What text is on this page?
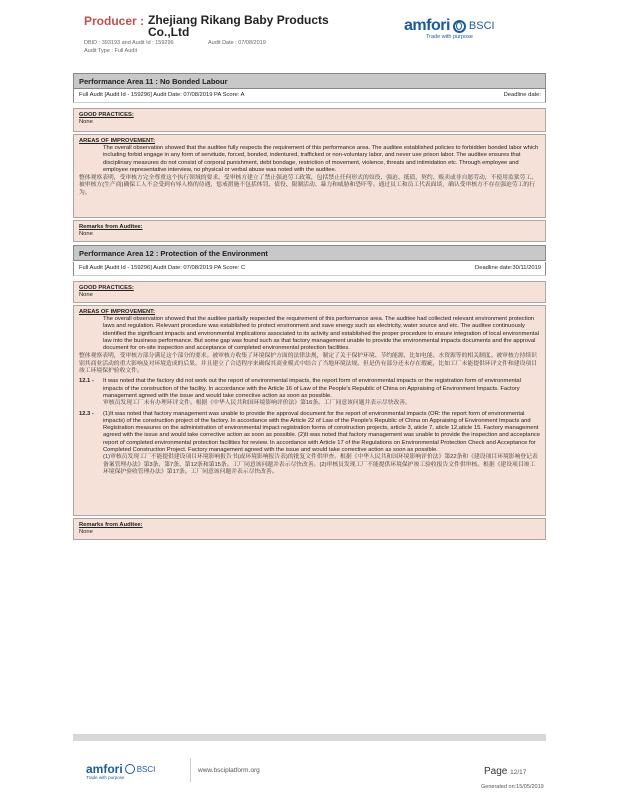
Producer : Zhejiang Rikang Baby Products Co.,Ltd
DBID : 393193 and Audit Id : 159296	Audit Date : 07/08/2019
Audit Type : Full Audit
amfori BSCI
Trade with purpose
Performance Area 11 : No Bonded Labour
Full Audit [Audit Id - 159296] Audit Date: 07/08/2019 PA Score: A	Deadline date:
GOOD PRACTICES:

None

AREAS OF IMPROVEMENT:

The overall observation showed that the auditee fully respects the requirement of this performance area. The auditee established policies to forbidden bonded labor which including forbid engage in any form of servitude, forced, bonded, indentured, trafficked or non-voluntary labor, and never use prison labor. The auditee ensures that disciplinary measures do not consist of corporal punishment, debt bondage, restriction of movement, violence, threats and intimidation etc. Through employee and employee representative interview, no physical or verbal abuse was noted with the auditee.

整体观察表明，受审核方完全尊重这个执行领域的要求。受审核方建立了禁止强迫劳工政策，包括禁止任何形式的奴役、强迫、抵债、契约、贩卖或非自愿劳动，不使用监狱劳工。被审核方(生产商)确保工人不会受到有辱人格的待遇，惩戒措施不包括体罚、债役、限制活动、暴力和威胁和恐吓等。通过员工和员工代表面谈，确认受审核方不存在强迫劳工的行为。

Remarks from Auditee:

None

Performance Area 12 : Protection of the Environment
Full Audit [Audit Id - 159296] Audit Date: 07/08/2019 PA Score: C	Deadline date:30/11/2019
GOOD PRACTICES:

None

AREAS OF IMPROVEMENT:

The overall observation showed that the auditee partially respected the requirement of this performance area. The auditee had collected relevant environment protection laws and regulation. Relevant procedure was established to protect environment and save energy such as electricity, water source and etc. The auditee continuously identified the significant impacts and environmental implications associated to its activity and established the proper procedure to ensure integration of local environmental law into the business performance. But some gap was found such as that factory management unable to provide the environmental impacts documents and the approval document for on-site inspection and acceptance of completed environmental protection facilities.

整体观察表明，受审核方部分满足这个部分的要求。被审核方收集了环境保护方面的法律法规，制定了关于保护环境、节约能源，比如电能、水资源等的相关制度。被审核方持续识别其商业活动的重大影响及对环境造成的后果，并且建立了合适程序来确保其商业模式中结合了当地环境法规。但是仍有部分还未存在瑕疵，比如工厂未能提供环评文件和建设项目竣工环境保护验收文件。

12.1 -	It was noted that the factory did not work out the report of environmental impacts, the report form of environmental impacts or the registration form of environmental impacts of the construction of the facility. In accordance with the Article 16 of Law of the People's Republic of China on Appraising of Environment Impacts. Factory management agreed with the issue and would take corrective action as soon as possible.
审核员发现工厂未有办理环评文件。根据《中华人民共和国环境影响评价法》第16条。工厂同意该问题并表示尽快改善。
12.3 -	(1)It was noted that factory management was unable to provide the approval document for the report of environmental impacts (OR: the report form of environmental impacts) of the construction project of the factory. In accordance with the Article 22 of Law of the People's Republic of China on Appraising of Environment Impacts and Registration measures on the administration of environmental impact registration forms of construction projects, article 3, aticle 7, aticle 12,aticle 15. Factory management agreed with the issue and would take corrective action as soon as possible. (2)It was noted that factory management was unable to provide the inspection and acceptance report of completed environmental protection facilities for review. In accordance with Article 17 of the Regulations on Environmental Protection Check and Acceptance for Completed Construction Project. Factory management agreed with the issue and would take corrective action as soon as possible.
(1)审核员发现工厂不能提供建设项目环境影响报告书(或环境影响报告表)的批复文件供审查。根据《中华人民共和国环境影响评价法》第22条和《建设项目环境影响登记表备案管理办法》第3条、第7条、第12条和第15条。工厂同意该问题并表示尽快改善。(2)审核员发现工厂不能提供环境保护竣工验收报告文件供审核。根据《建设项目竣工环境保护验收管理办法》第17条。工厂同意该问题并表示尽快改善。
Remarks from Auditee:

None

amfori BSCI
Trade with purpose
www.bsciplatform.org	Page 12/17
Generated on:15/05/2019
